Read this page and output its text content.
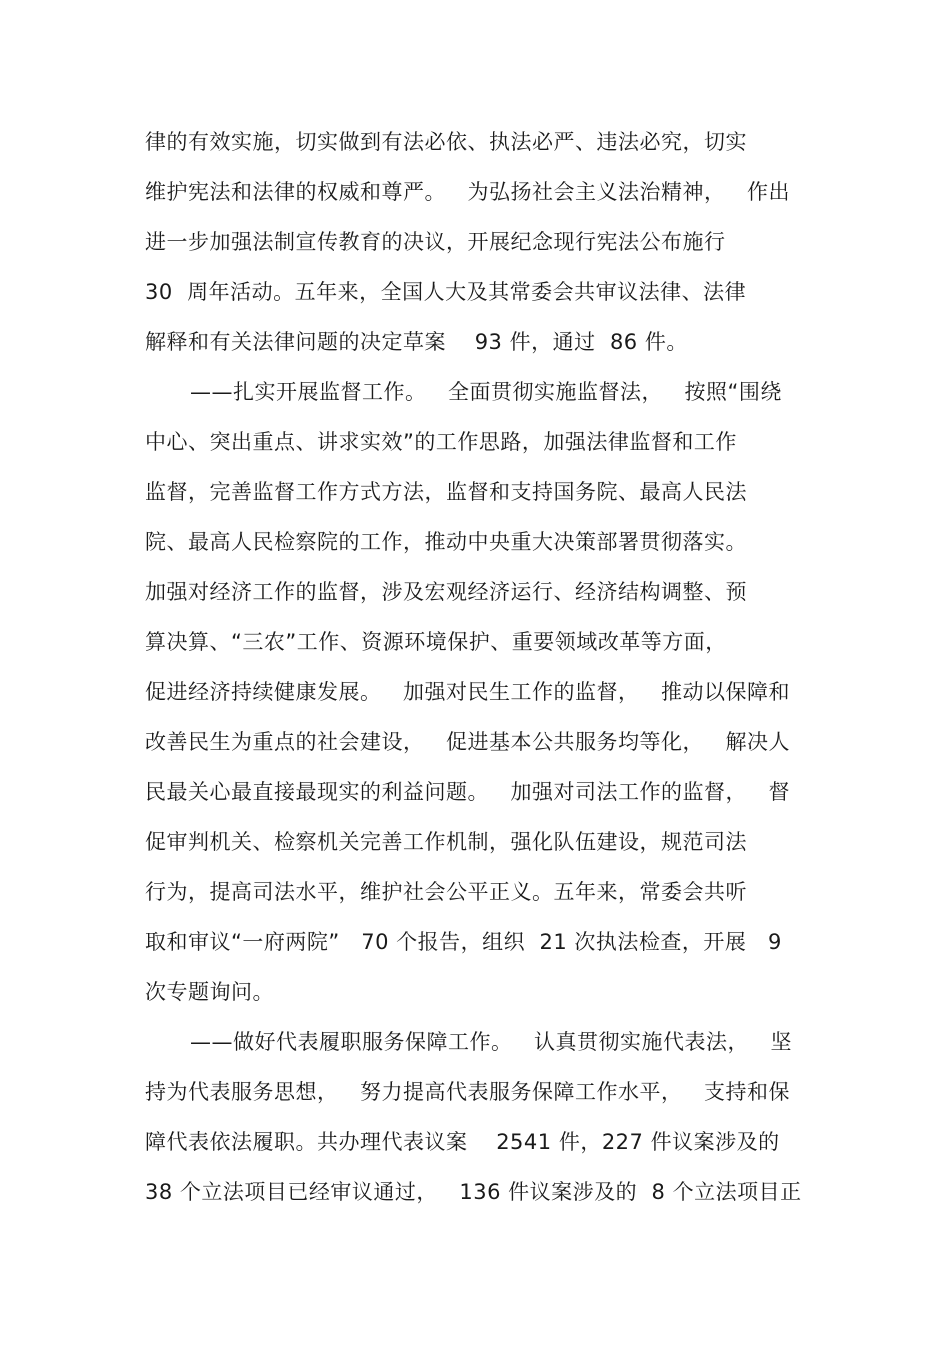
律的有效实施，切实做到有法必依、执法必严、违法必究，切实
维护宪法和法律的权威和尊严。   为弘扬社会主义法治精神，   作出
进一步加强法制宣传教育的决议，开展纪念现行宪法公布施行
30  周年活动。五年来，全国人大及其常委会共审议法律、法律
解释和有关法律问题的决定草案    93 件，通过  86 件。
——扎实开展监督工作。   全面贯彻实施监督法，   按照“围绕
中心、突出重点、讲求实效”的工作思路，加强法律监督和工作
监督，完善监督工作方式方法，监督和支持国务院、最高人民法
院、最高人民检察院的工作，推动中央重大决策部署贯彻落实。
加强对经济工作的监督，涉及宏观经济运行、经济结构调整、预
算决算、“三农”工作、资源环境保护、重要领域改革等方面，
促进经济持续健康发展。   加强对民生工作的监督，   推动以保障和
改善民生为重点的社会建设，   促进基本公共服务均等化，   解决人
民最关心最直接最现实的利益问题。   加强对司法工作的监督，   督
促审判机关、检察机关完善工作机制，强化队伍建设，规范司法
行为，提高司法水平，维护社会公平正义。五年来，常委会共听
取和审议“一府两院”   70 个报告，组织  21 次执法检查，开展   9
次专题询问。
——做好代表履职服务保障工作。   认真贯彻实施代表法，   坚
持为代表服务思想，   努力提高代表服务保障工作水平，   支持和保
障代表依法履职。共办理代表议案    2541 件，227 件议案涉及的
38 个立法项目已经审议通过，   136 件议案涉及的  8 个立法项目正
